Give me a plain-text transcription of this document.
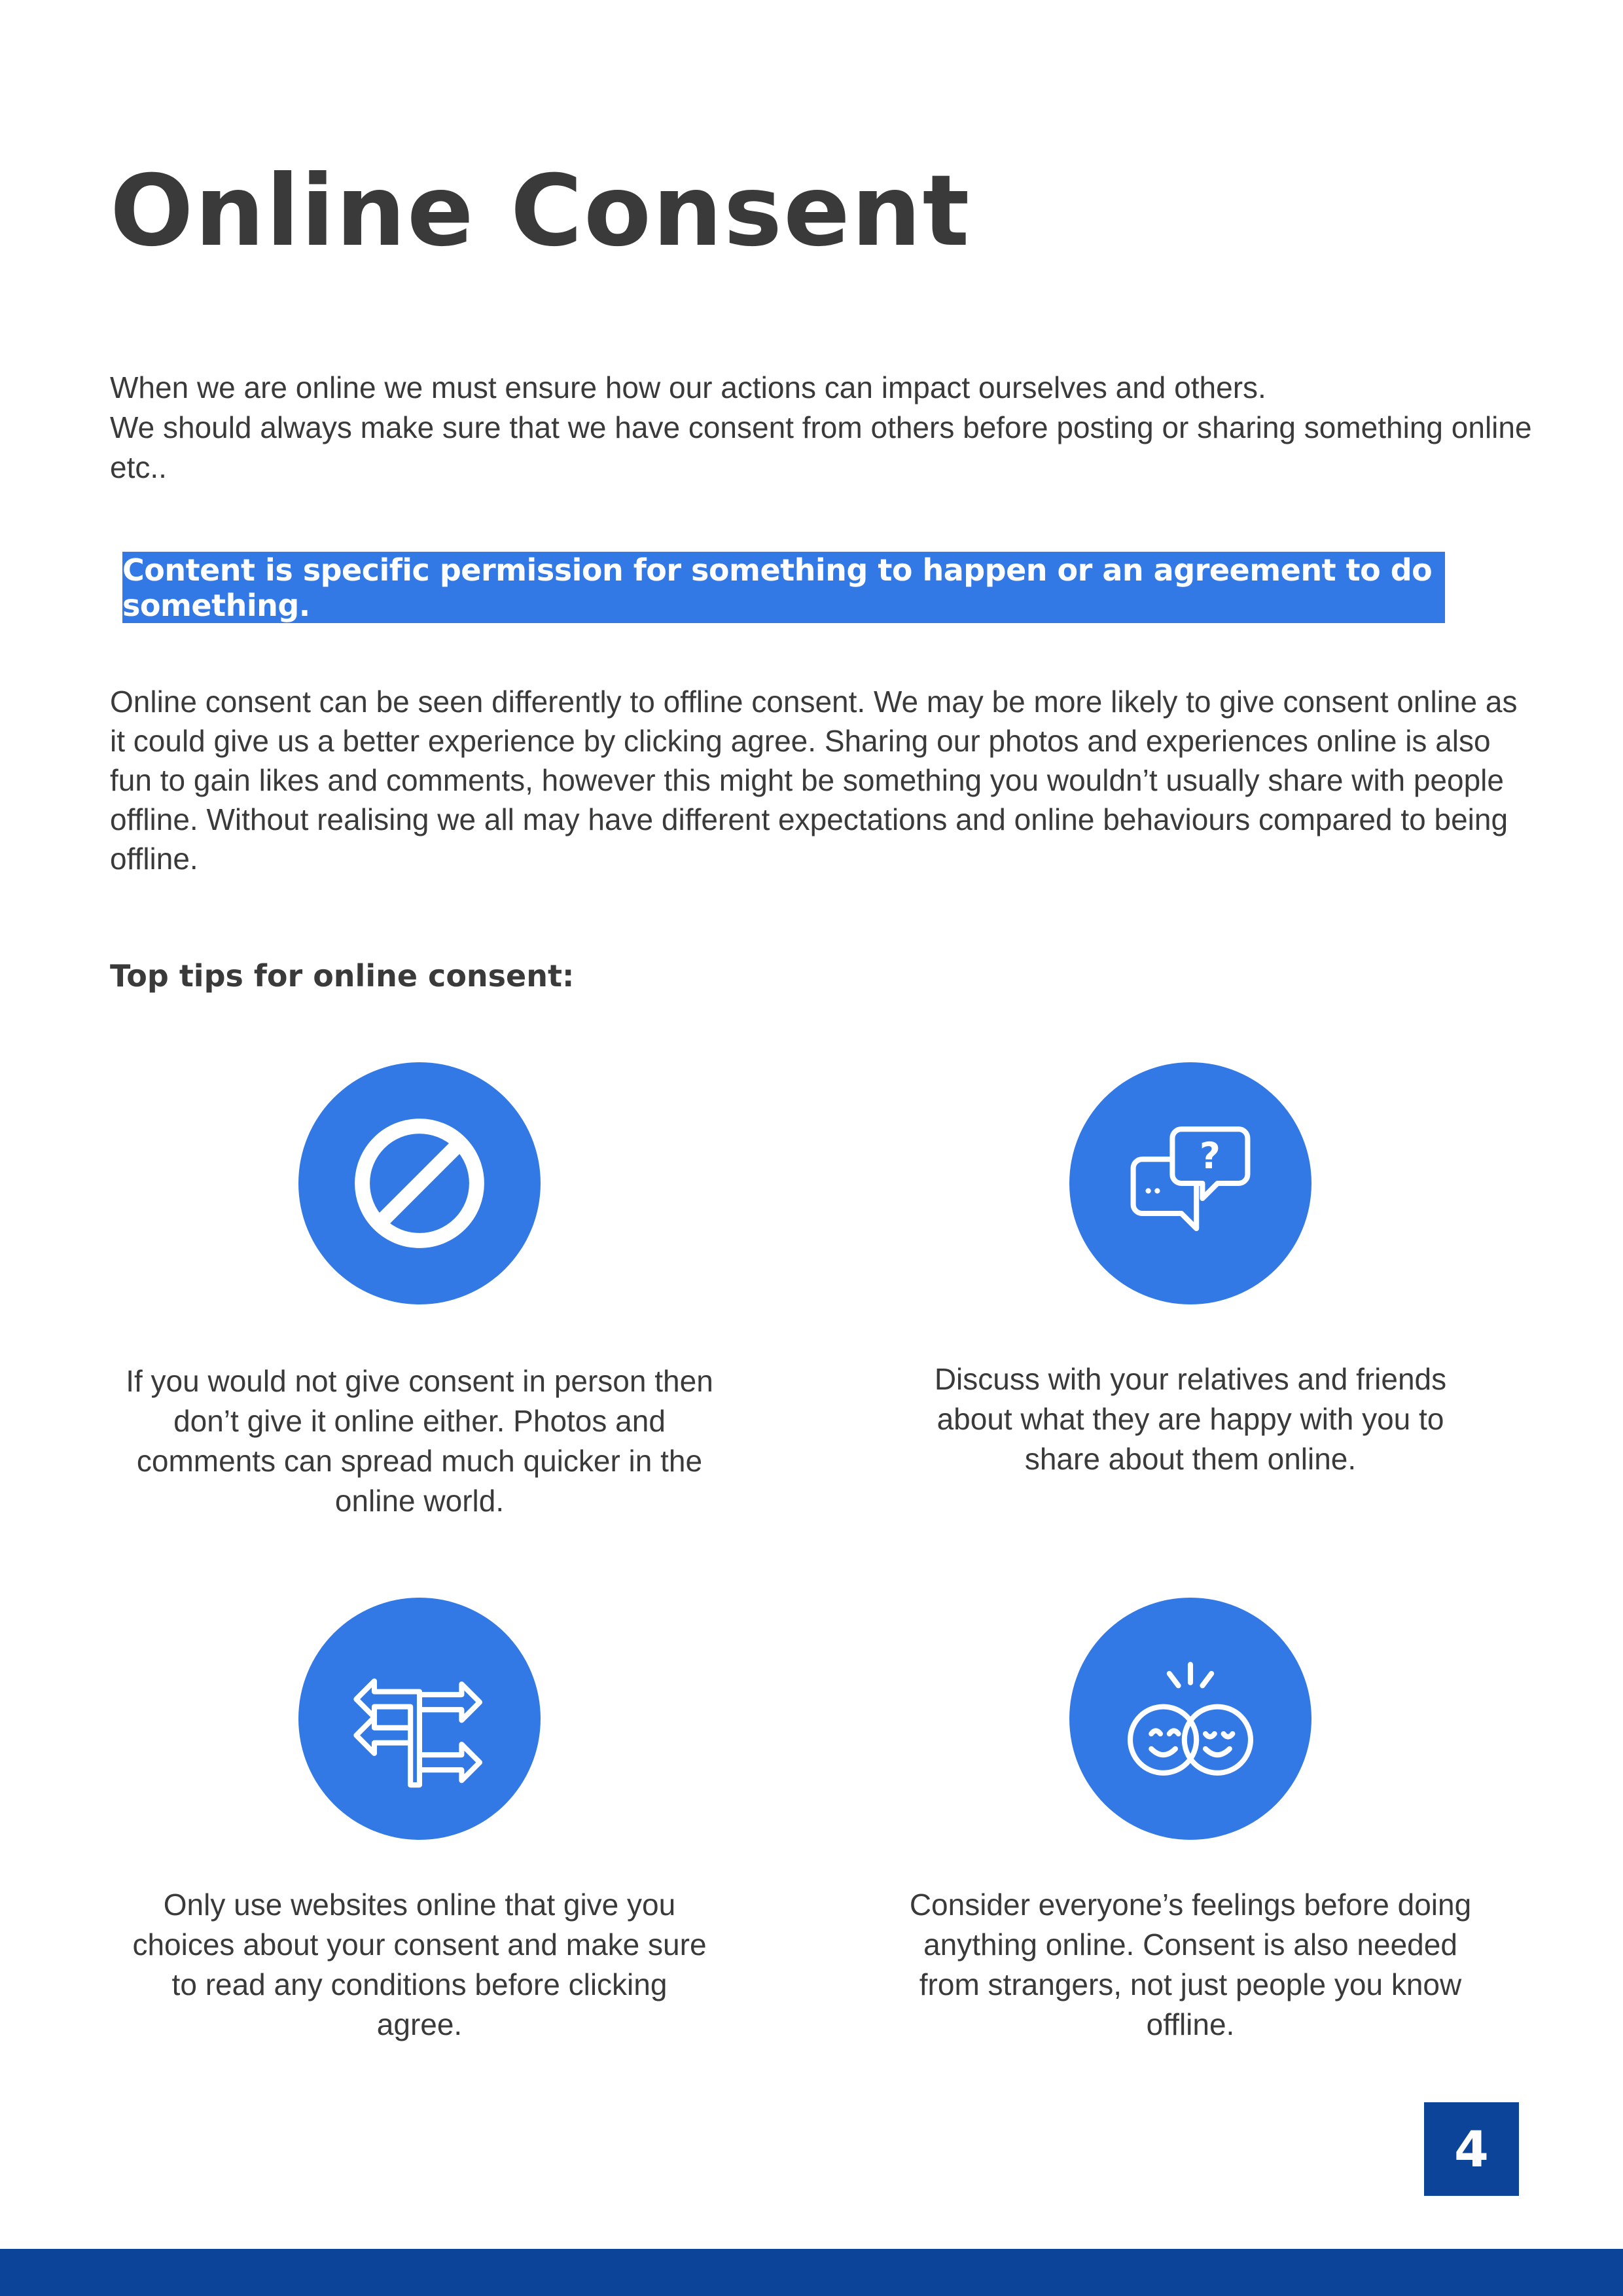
Online Consent

When we are online we must ensure how our actions can impact ourselves and others.
We should always make sure that we have consent from others before posting or sharing something online etc..

Content is specific permission for something to happen or an agreement to do something.

Online consent can be seen differently to offline consent. We may be more likely to give consent online as it could give us a better experience by clicking agree. Sharing our photos and experiences online is also fun to gain likes and comments, however this might be something you wouldn’t usually share with people offline. Without realising we all may have different expectations and online behaviours compared to being offline.

Top tips for online consent:

If you would not give consent in person then don’t give it online either. Photos and comments can spread much quicker in the online world.

?

Discuss with your relatives and friends about what they are happy with you to share about them online.

Only use websites online that give you choices about your consent and make sure to read any conditions before clicking agree.

Consider everyone’s feelings before doing anything online. Consent is also needed from strangers, not just people you know offline.

4
